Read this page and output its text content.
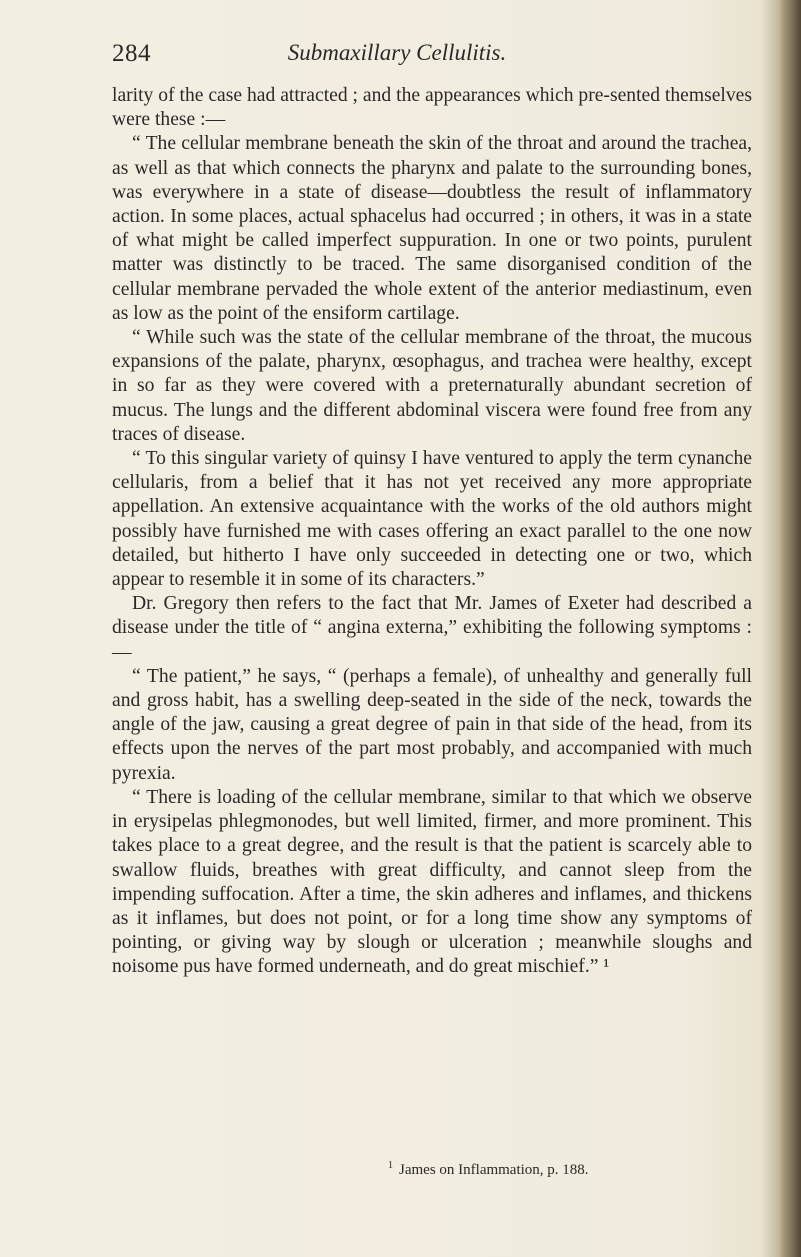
284	Submaxillary Cellulitis.

larity of the case had attracted ; and the appearances which pre-sented themselves were these :—

“ The cellular membrane beneath the skin of the throat and around the trachea, as well as that which connects the pharynx and palate to the surrounding bones, was everywhere in a state of disease—doubtless the result of inflammatory action. In some places, actual sphacelus had occurred ; in others, it was in a state of what might be called imperfect suppuration. In one or two points, purulent matter was distinctly to be traced. The same disorganised condition of the cellular membrane pervaded the whole extent of the anterior mediastinum, even as low as the point of the ensiform cartilage.

“ While such was the state of the cellular membrane of the throat, the mucous expansions of the palate, pharynx, œsophagus, and trachea were healthy, except in so far as they were covered with a preternaturally abundant secretion of mucus. The lungs and the different abdominal viscera were found free from any traces of disease.

“ To this singular variety of quinsy I have ventured to apply the term cynanche cellularis, from a belief that it has not yet received any more appropriate appellation. An extensive acquaintance with the works of the old authors might possibly have furnished me with cases offering an exact parallel to the one now detailed, but hitherto I have only succeeded in detecting one or two, which appear to resemble it in some of its characters.”

Dr. Gregory then refers to the fact that Mr. James of Exeter had described a disease under the title of “ angina externa,” exhibiting the following symptoms :—

“ The patient,” he says, “ (perhaps a female), of unhealthy and generally full and gross habit, has a swelling deep-seated in the side of the neck, towards the angle of the jaw, causing a great degree of pain in that side of the head, from its effects upon the nerves of the part most probably, and accompanied with much pyrexia.

“ There is loading of the cellular membrane, similar to that which we observe in erysipelas phlegmonodes, but well limited, firmer, and more prominent. This takes place to a great degree, and the result is that the patient is scarcely able to swallow fluids, breathes with great difficulty, and cannot sleep from the impending suffocation. After a time, the skin adheres and inflames, and thickens as it inflames, but does not point, or for a long time show any symptoms of pointing, or giving way by slough or ulceration ; meanwhile sloughs and noisome pus have formed underneath, and do great mischief.” ¹

$^1$ James on Inflammation, p. 188.
